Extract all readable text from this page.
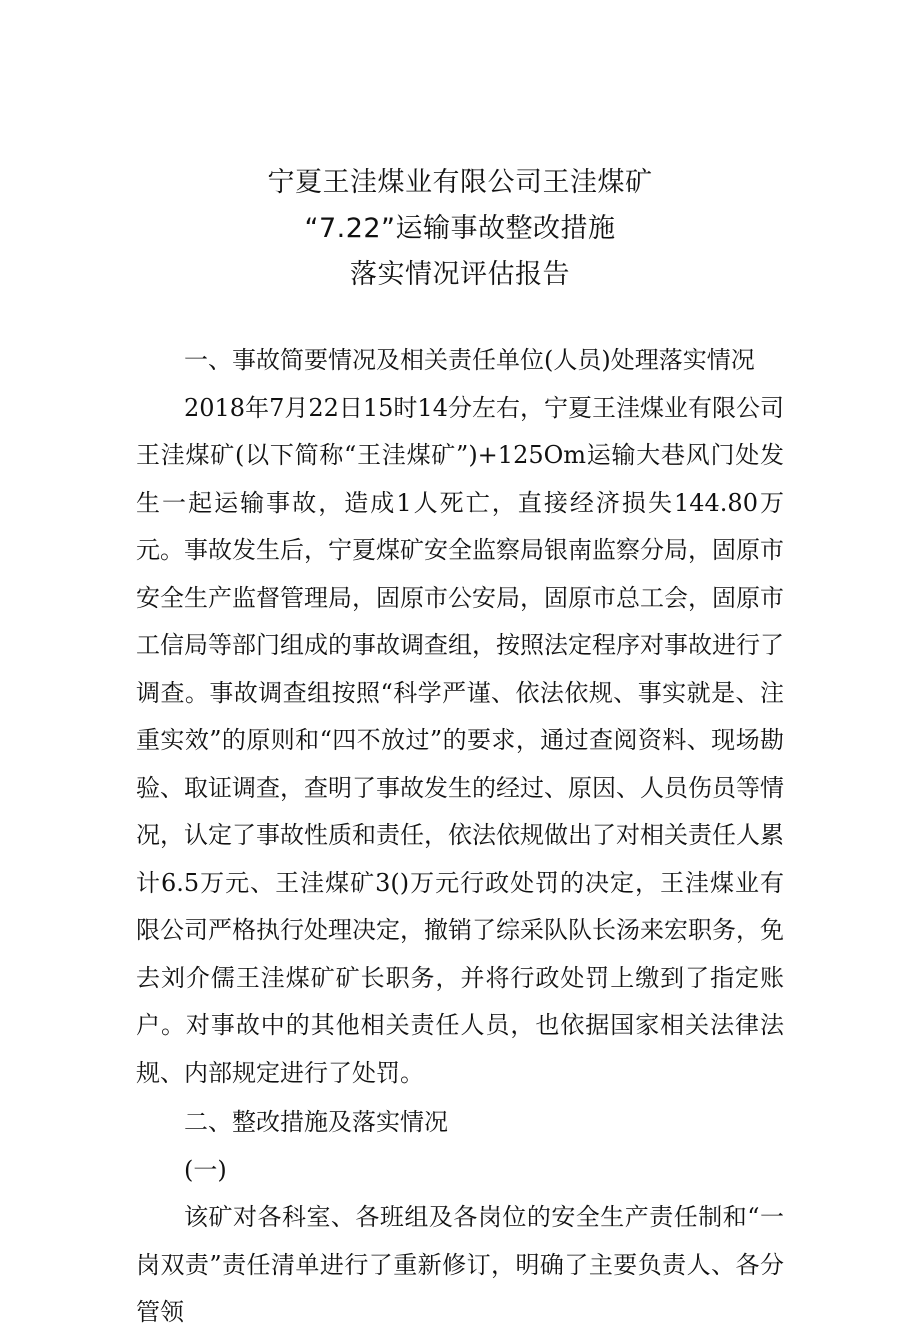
宁夏王洼煤业有限公司王洼煤矿
“7.22”运输事故整改措施
落实情况评估报告
一、事故简要情况及相关责任单位(人员)处理落实情况

2018年7月22日15时14分左右，宁夏王洼煤业有限公司王洼煤矿(以下简称“王洼煤矿”)+125Om运输大巷风门处发生一起运输事故，造成1人死亡，直接经济损失144.80万元。事故发生后，宁夏煤矿安全监察局银南监察分局，固原市安全生产监督管理局，固原市公安局，固原市总工会，固原市工信局等部门组成的事故调查组，按照法定程序对事故进行了调查。事故调查组按照“科学严谨、依法依规、事实就是、注重实效”的原则和“四不放过”的要求，通过查阅资料、现场勘验、取证调查，查明了事故发生的经过、原因、人员伤员等情况，认定了事故性质和责任，依法依规做出了对相关责任人累计6.5万元、王洼煤矿3()万元行政处罚的决定，王洼煤业有限公司严格执行处理决定，撤销了综采队队长汤来宏职务，免去刘介儒王洼煤矿矿长职务，并将行政处罚上缴到了指定账户。对事故中的其他相关责任人员，也依据国家相关法律法规、内部规定进行了处罚。

二、整改措施及落实情况
(一)

该矿对各科室、各班组及各岗位的安全生产责任制和“一岗双责”责任清单进行了重新修订，明确了主要负责人、各分管领
